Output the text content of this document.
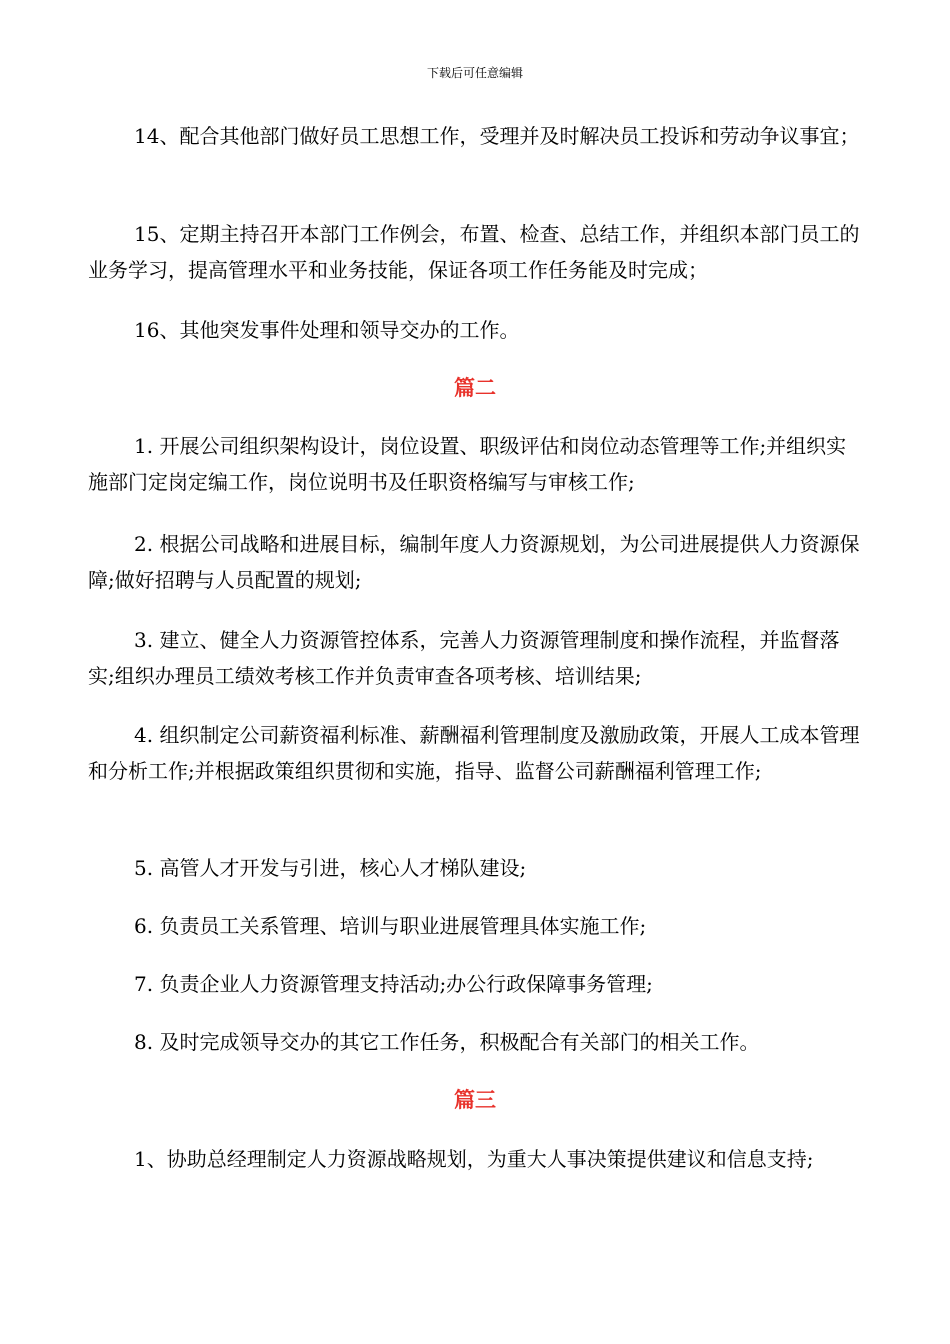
下载后可任意编辑

14、配合其他部门做好员工思想工作，受理并及时解决员工投诉和劳动争议事宜；

15、定期主持召开本部门工作例会，布置、检查、总结工作，并组织本部门员工的业务学习，提高管理水平和业务技能，保证各项工作任务能及时完成；

16、其他突发事件处理和领导交办的工作。

篇二

1. 开展公司组织架构设计，岗位设置、职级评估和岗位动态管理等工作;并组织实施部门定岗定编工作，岗位说明书及任职资格编写与审核工作;

2. 根据公司战略和进展目标，编制年度人力资源规划，为公司进展提供人力资源保障;做好招聘与人员配置的规划;

3. 建立、健全人力资源管控体系，完善人力资源管理制度和操作流程，并监督落实;组织办理员工绩效考核工作并负责审查各项考核、培训结果;

4. 组织制定公司薪资福利标准、薪酬福利管理制度及激励政策，开展人工成本管理和分析工作;并根据政策组织贯彻和实施，指导、监督公司薪酬福利管理工作;

5. 高管人才开发与引进，核心人才梯队建设;

6. 负责员工关系管理、培训与职业进展管理具体实施工作;

7. 负责企业人力资源管理支持活动;办公行政保障事务管理;

8. 及时完成领导交办的其它工作任务，积极配合有关部门的相关工作。

篇三

1、协助总经理制定人力资源战略规划，为重大人事决策提供建议和信息支持;
